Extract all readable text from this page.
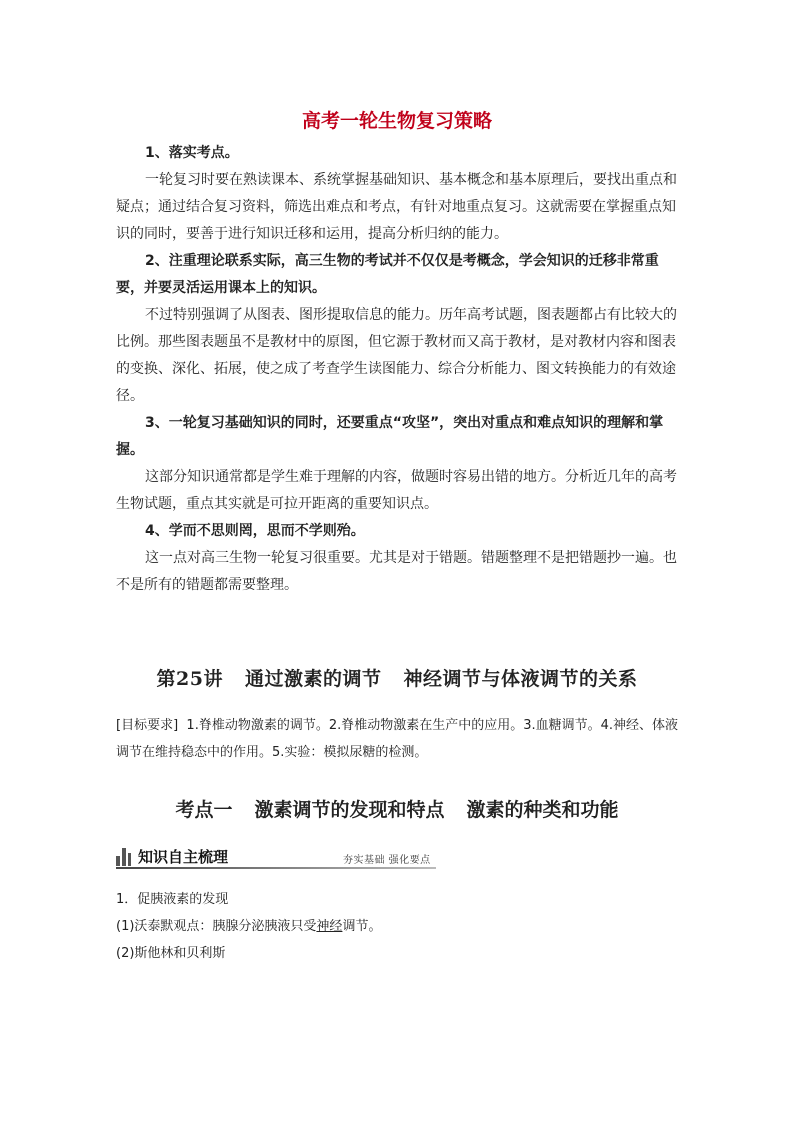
高考一轮生物复习策略

1、落实考点。

一轮复习时要在熟读课本、系统掌握基础知识、基本概念和基本原理后，要找出重点和疑点；通过结合复习资料，筛选出难点和考点，有针对地重点复习。这就需要在掌握重点知识的同时，要善于进行知识迁移和运用，提高分析归纳的能力。

2、注重理论联系实际，高三生物的考试并不仅仅是考概念，学会知识的迁移非常重要，并要灵活运用课本上的知识。

不过特别强调了从图表、图形提取信息的能力。历年高考试题，图表题都占有比较大的比例。那些图表题虽不是教材中的原图，但它源于教材而又高于教材，是对教材内容和图表的变换、深化、拓展，使之成了考查学生读图能力、综合分析能力、图文转换能力的有效途径。

3、一轮复习基础知识的同时，还要重点“攻坚”，突出对重点和难点知识的理解和掌握。

这部分知识通常都是学生难于理解的内容，做题时容易出错的地方。分析近几年的高考生物试题，重点其实就是可拉开距离的重要知识点。

4、学而不思则罔，思而不学则殆。

这一点对高三生物一轮复习很重要。尤其是对于错题。错题整理不是把错题抄一遍。也不是所有的错题都需要整理。

第25讲 通过激素的调节 神经调节与体液调节的关系
[目标要求] 1.脊椎动物激素的调节。2.脊椎动物激素在生产中的应用。3.血糖调节。4.神经、体液调节在维持稳态中的作用。5.实验：模拟尿糖的检测。
考点一 激素调节的发现和特点 激素的种类和功能
知识自主梳理	夯实基础 强化要点
1．促胰液素的发现
(1)沃泰默观点：胰腺分泌胰液只受神经调节。
(2)斯他林和贝利斯
